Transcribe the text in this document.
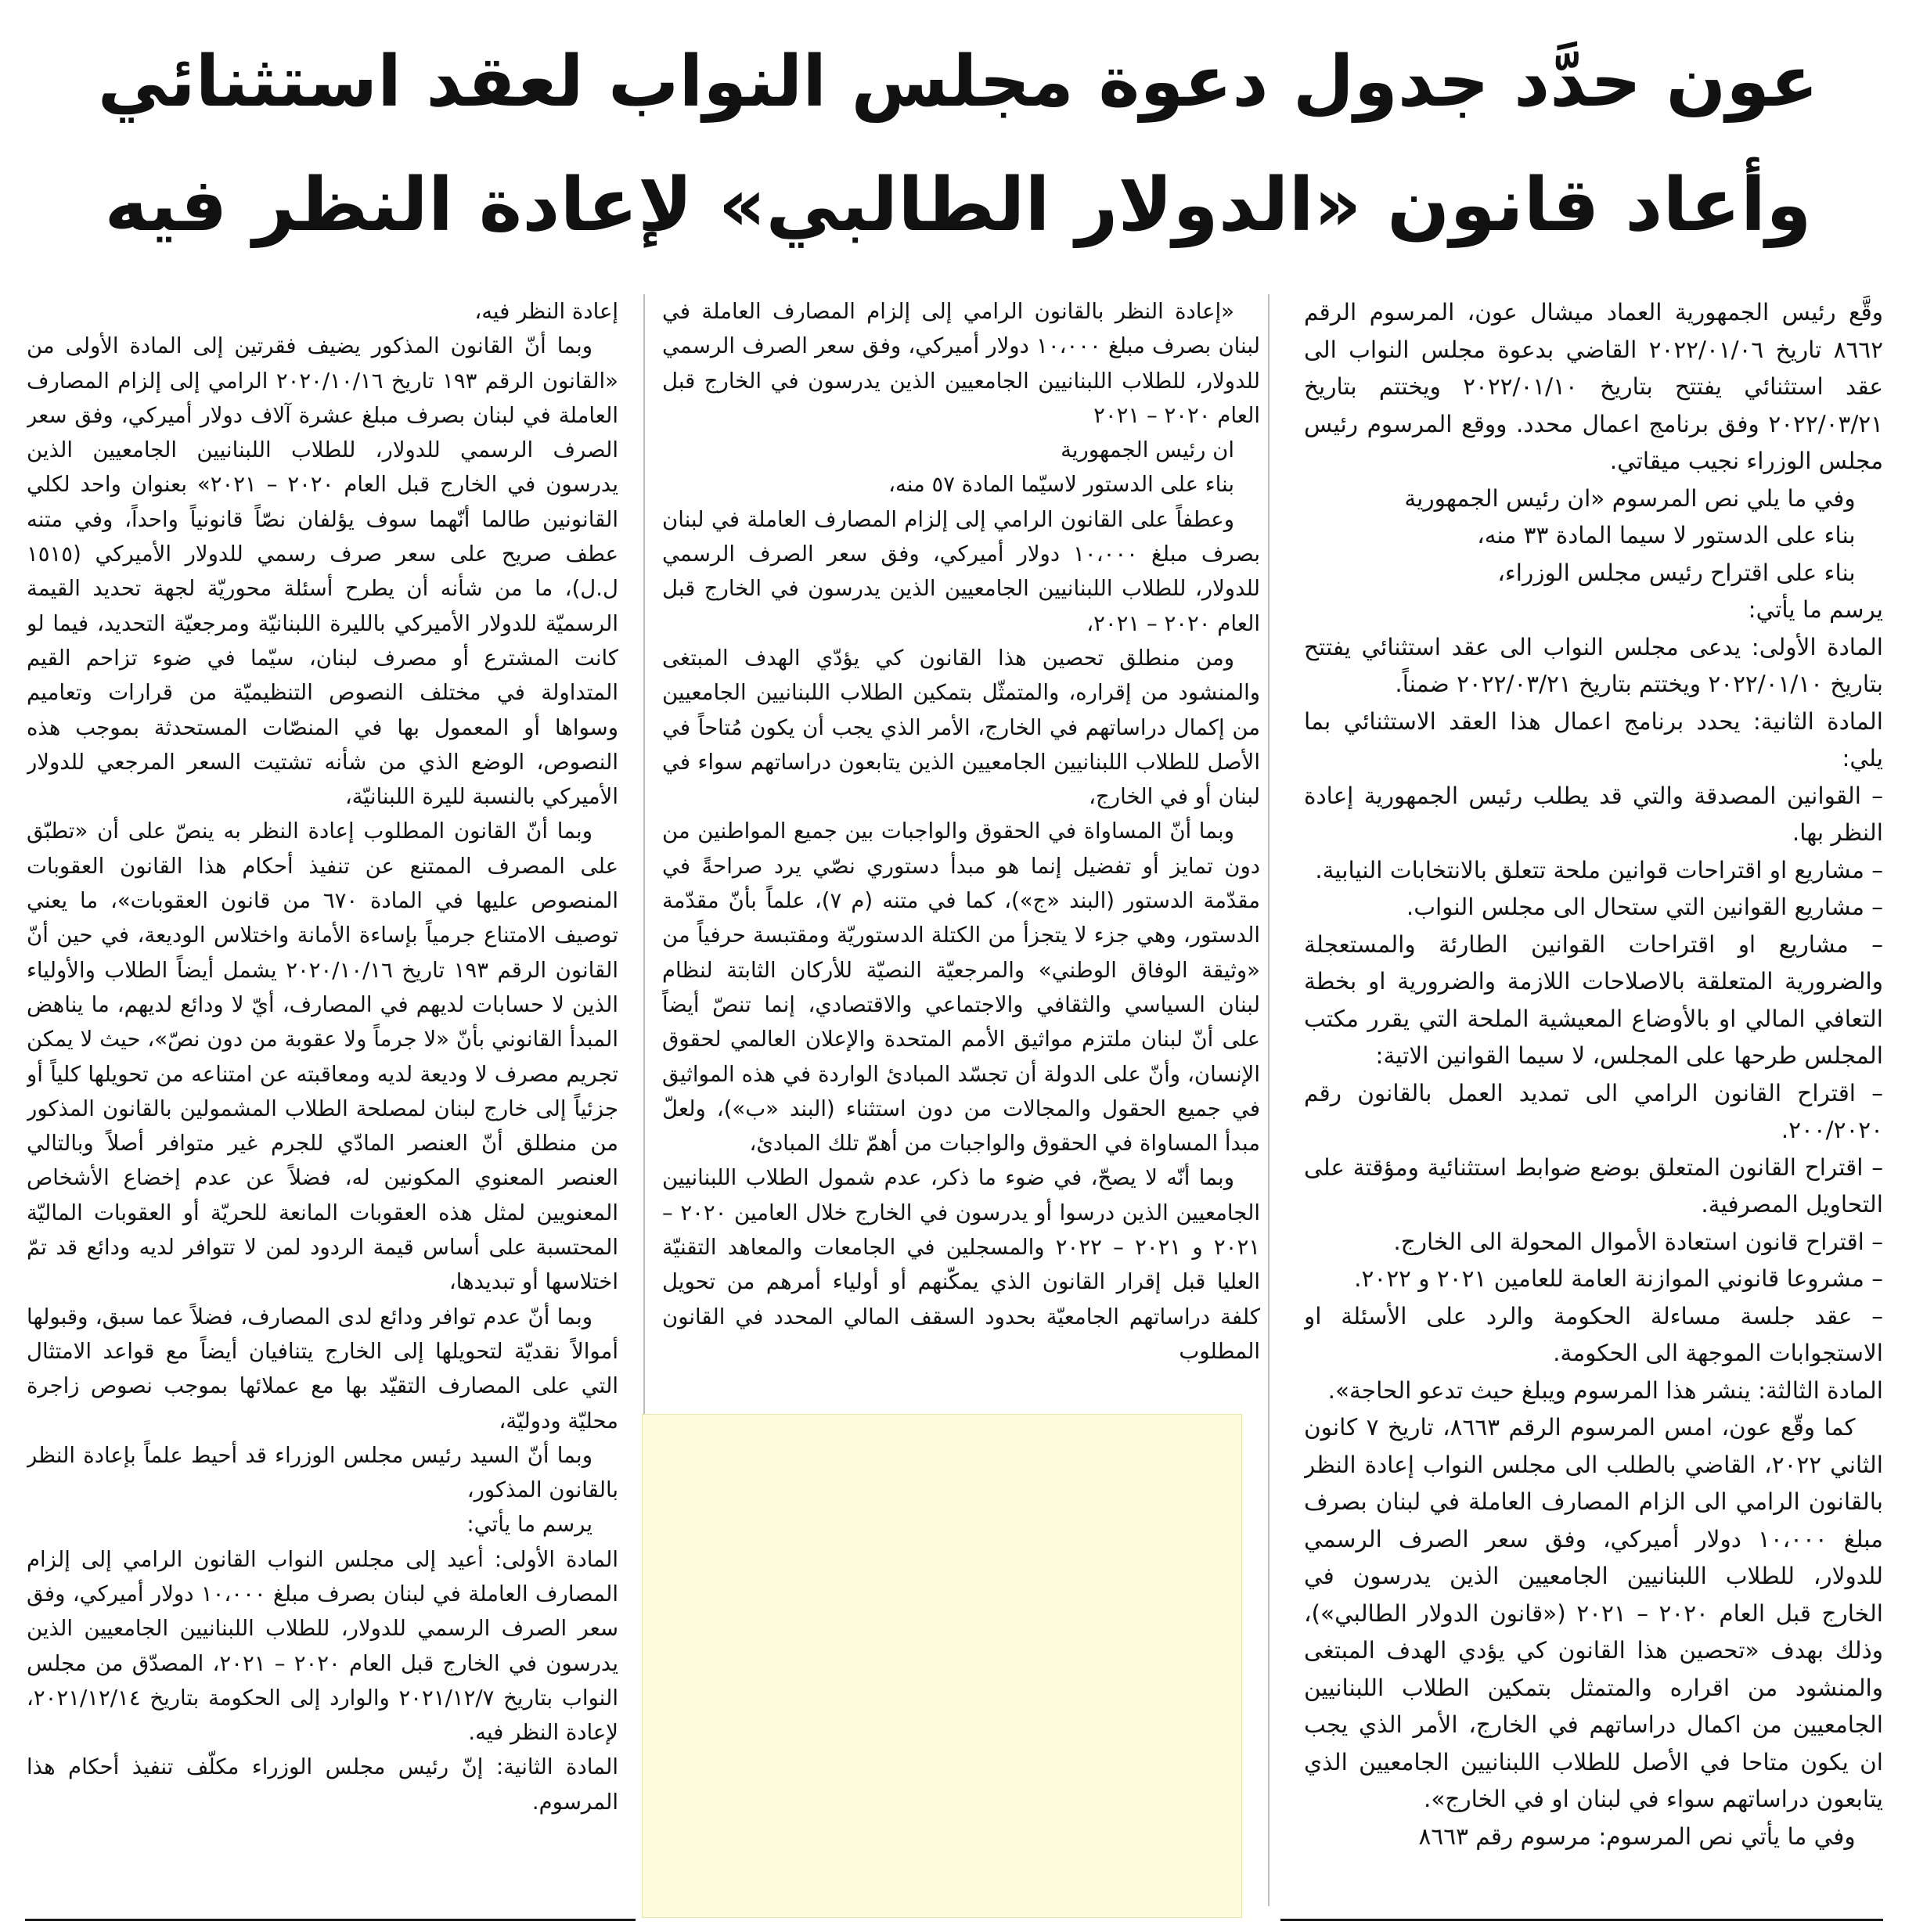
عون حدَّد جدول دعوة مجلس النواب لعقد استثنائي
وأعاد قانون «الدولار الطالبي» لإعادة النظر فيه

وقَّع رئيس الجمهورية العماد ميشال عون، المرسوم الرقم ٨٦٦٢ تاريخ ٢٠٢٢/٠١/٠٦ القاضي بدعوة مجلس النواب الى عقد استثنائي يفتتح بتاريخ ٢٠٢٢/٠١/١٠ ويختتم بتاريخ ٢٠٢٢/٠٣/٢١ وفق برنامج اعمال محدد. ووقع المرسوم رئيس مجلس الوزراء نجيب ميقاتي.

وفي ما يلي نص المرسوم «ان رئيس الجمهورية

بناء على الدستور لا سيما المادة ٣٣ منه،

بناء على اقتراح رئيس مجلس الوزراء،

يرسم ما يأتي:

المادة الأولى: يدعى مجلس النواب الى عقد استثنائي يفتتح بتاريخ ٢٠٢٢/٠١/١٠ ويختتم بتاريخ ٢٠٢٢/٠٣/٢١ ضمناً.

المادة الثانية: يحدد برنامج اعمال هذا العقد الاستثنائي بما يلي:

– القوانين المصدقة والتي قد يطلب رئيس الجمهورية إعادة النظر بها.

– مشاريع او اقتراحات قوانين ملحة تتعلق بالانتخابات النيابية.

– مشاريع القوانين التي ستحال الى مجلس النواب.

– مشاريع او اقتراحات القوانين الطارئة والمستعجلة والضرورية المتعلقة بالاصلاحات اللازمة والضرورية او بخطة التعافي المالي او بالأوضاع المعيشية الملحة التي يقرر مكتب المجلس طرحها على المجلس، لا سيما القوانين الاتية:

– اقتراح القانون الرامي الى تمديد العمل بالقانون رقم ٢٠٠/٢٠٢٠.

– اقتراح القانون المتعلق بوضع ضوابط استثنائية ومؤقتة على التحاويل المصرفية.

– اقتراح قانون استعادة الأموال المحولة الى الخارج.

– مشروعا قانوني الموازنة العامة للعامين ٢٠٢١ و ٢٠٢٢.

– عقد جلسة مساءلة الحكومة والرد على الأسئلة او الاستجوابات الموجهة الى الحكومة.

المادة الثالثة: ينشر هذا المرسوم ويبلغ حيث تدعو الحاجة».

كما وقّع عون، امس المرسوم الرقم ٨٦٦٣، تاريخ ٧ كانون الثاني ٢٠٢٢، القاضي بالطلب الى مجلس النواب إعادة النظر بالقانون الرامي الى الزام المصارف العاملة في لبنان بصرف مبلغ ١٠،٠٠٠ دولار أميركي، وفق سعر الصرف الرسمي للدولار، للطلاب اللبنانيين الجامعيين الذين يدرسون في الخارج قبل العام ٢٠٢٠ – ٢٠٢١ («قانون الدولار الطالبي»)، وذلك بهدف «تحصين هذا القانون كي يؤدي الهدف المبتغى والمنشود من اقراره والمتمثل بتمكين الطلاب اللبنانيين الجامعيين من اكمال دراساتهم في الخارج، الأمر الذي يجب ان يكون متاحا في الأصل للطلاب اللبنانيين الجامعيين الذي يتابعون دراساتهم سواء في لبنان او في الخارج».

وفي ما يأتي نص المرسوم: مرسوم رقم ٨٦٦٣

«إعادة النظر بالقانون الرامي إلى إلزام المصارف العاملة في لبنان بصرف مبلغ ١٠،٠٠٠ دولار أميركي، وفق سعر الصرف الرسمي للدولار، للطلاب اللبنانيين الجامعيين الذين يدرسون في الخارج قبل العام ٢٠٢٠ – ٢٠٢١

ان رئيس الجمهورية

بناء على الدستور لاسيّما المادة ٥٧ منه،

وعطفاً على القانون الرامي إلى إلزام المصارف العاملة في لبنان بصرف مبلغ ١٠،٠٠٠ دولار أميركي، وفق سعر الصرف الرسمي للدولار، للطلاب اللبنانيين الجامعيين الذين يدرسون في الخارج قبل العام ٢٠٢٠ – ٢٠٢١،

ومن منطلق تحصين هذا القانون كي يؤدّي الهدف المبتغى والمنشود من إقراره، والمتمثّل بتمكين الطلاب اللبنانيين الجامعيين من إكمال دراساتهم في الخارج، الأمر الذي يجب أن يكون مُتاحاً في الأصل للطلاب اللبنانيين الجامعيين الذين يتابعون دراساتهم سواء في لبنان أو في الخارج،

وبما أنّ المساواة في الحقوق والواجبات بين جميع المواطنين من دون تمايز أو تفضيل إنما هو مبدأ دستوري نصّي يرد صراحةً في مقدّمة الدستور (البند «ج»)، كما في متنه (م ٧)، علماً بأنّ مقدّمة الدستور، وهي جزء لا يتجزأ من الكتلة الدستوريّة ومقتبسة حرفياً من «وثيقة الوفاق الوطني» والمرجعيّة النصيّة للأركان الثابتة لنظام لبنان السياسي والثقافي والاجتماعي والاقتصادي، إنما تنصّ أيضاً على أنّ لبنان ملتزم مواثيق الأمم المتحدة والإعلان العالمي لحقوق الإنسان، وأنّ على الدولة أن تجسّد المبادئ الواردة في هذه المواثيق في جميع الحقول والمجالات من دون استثناء (البند «ب»)، ولعلّ مبدأ المساواة في الحقوق والواجبات من أهمّ تلك المبادئ،

وبما أنّه لا يصحّ، في ضوء ما ذكر، عدم شمول الطلاب اللبنانيين الجامعيين الذين درسوا أو يدرسون في الخارج خلال العامين ٢٠٢٠ – ٢٠٢١ و ٢٠٢١ – ٢٠٢٢ والمسجلين في الجامعات والمعاهد التقنيّة العليا قبل إقرار القانون الذي يمكّنهم أو أولياء أمرهم من تحويل كلفة دراساتهم الجامعيّة بحدود السقف المالي المحدد في القانون المطلوب

إعادة النظر فيه،

وبما أنّ القانون المذكور يضيف فقرتين إلى المادة الأولى من «القانون الرقم ١٩٣ تاريخ ٢٠٢٠/١٠/١٦ الرامي إلى إلزام المصارف العاملة في لبنان بصرف مبلغ عشرة آلاف دولار أميركي، وفق سعر الصرف الرسمي للدولار، للطلاب اللبنانيين الجامعيين الذين يدرسون في الخارج قبل العام ٢٠٢٠ – ٢٠٢١» بعنوان واحد لكلي القانونين طالما أنّهما سوف يؤلفان نصّاً قانونياً واحداً، وفي متنه عطف صريح على سعر صرف رسمي للدولار الأميركي (١٥١٥ ل.ل)، ما من شأنه أن يطرح أسئلة محوريّة لجهة تحديد القيمة الرسميّة للدولار الأميركي بالليرة اللبنانيّة ومرجعيّة التحديد، فيما لو كانت المشترع أو مصرف لبنان، سيّما في ضوء تزاحم القيم المتداولة في مختلف النصوص التنظيميّة من قرارات وتعاميم وسواها أو المعمول بها في المنصّات المستحدثة بموجب هذه النصوص، الوضع الذي من شأنه تشتيت السعر المرجعي للدولار الأميركي بالنسبة لليرة اللبنانيّة،

وبما أنّ القانون المطلوب إعادة النظر به ينصّ على أن «تطبّق على المصرف الممتنع عن تنفيذ أحكام هذا القانون العقوبات المنصوص عليها في المادة ٦٧٠ من قانون العقوبات»، ما يعني توصيف الامتناع جرمياً بإساءة الأمانة واختلاس الوديعة، في حين أنّ القانون الرقم ١٩٣ تاريخ ٢٠٢٠/١٠/١٦ يشمل أيضاً الطلاب والأولياء الذين لا حسابات لديهم في المصارف، أيّ لا ودائع لديهم، ما يناهض المبدأ القانوني بأنّ «لا جرماً ولا عقوبة من دون نصّ»، حيث لا يمكن تجريم مصرف لا وديعة لديه ومعاقبته عن امتناعه من تحويلها كلياً أو جزئياً إلى خارج لبنان لمصلحة الطلاب المشمولين بالقانون المذكور من منطلق أنّ العنصر المادّي للجرم غير متوافر أصلاً وبالتالي العنصر المعنوي المكونين له، فضلاً عن عدم إخضاع الأشخاص المعنويين لمثل هذه العقوبات المانعة للحريّة أو العقوبات الماليّة المحتسبة على أساس قيمة الردود لمن لا تتوافر لديه ودائع قد تمّ اختلاسها أو تبديدها،

وبما أنّ عدم توافر ودائع لدى المصارف، فضلاً عما سبق، وقبولها أموالاً نقديّة لتحويلها إلى الخارج يتنافيان أيضاً مع قواعد الامتثال التي على المصارف التقيّد بها مع عملائها بموجب نصوص زاجرة محليّة ودوليّة،

وبما أنّ السيد رئيس مجلس الوزراء قد أحيط علماً بإعادة النظر بالقانون المذكور،

يرسم ما يأتي:

المادة الأولى: أعيد إلى مجلس النواب القانون الرامي إلى إلزام المصارف العاملة في لبنان بصرف مبلغ ١٠،٠٠٠ دولار أميركي، وفق سعر الصرف الرسمي للدولار، للطلاب اللبنانيين الجامعيين الذين يدرسون في الخارج قبل العام ٢٠٢٠ – ٢٠٢١، المصدّق من مجلس النواب بتاريخ ٢٠٢١/١٢/٧ والوارد إلى الحكومة بتاريخ ٢٠٢١/١٢/١٤، لإعادة النظر فيه.

المادة الثانية: إنّ رئيس مجلس الوزراء مكلّف تنفيذ أحكام هذا المرسوم.
